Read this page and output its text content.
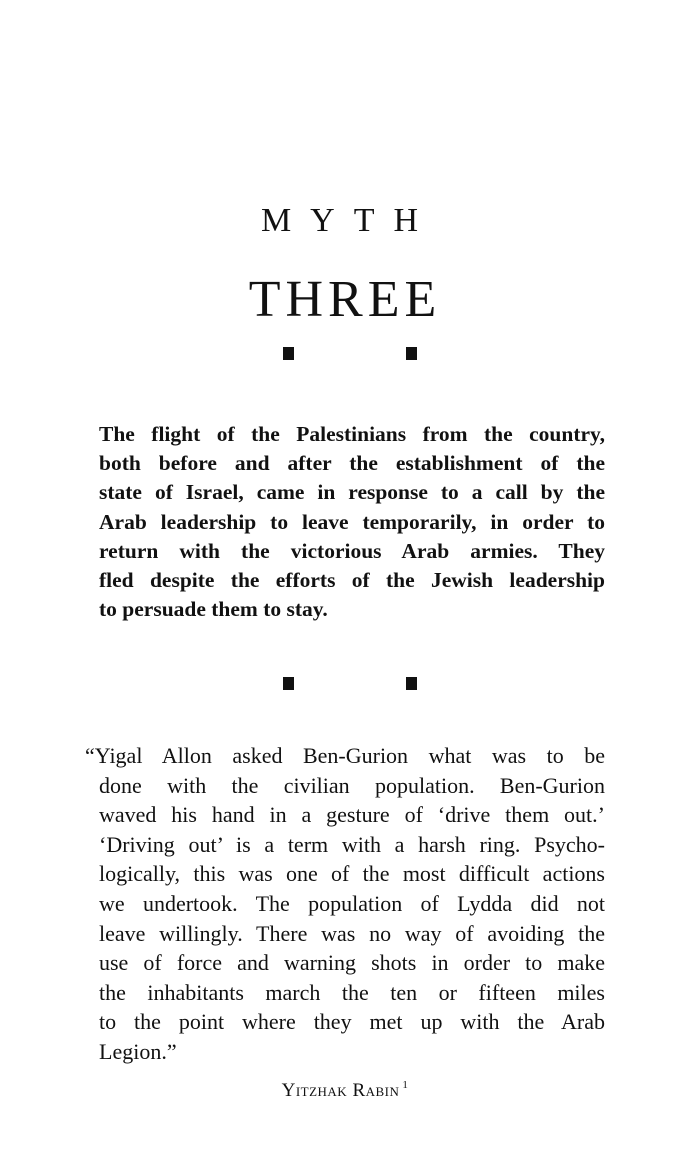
MYTH
THREE

The flight of the Palestinians from the country,
both before and after the establishment of the
state of Israel, came in response to a call by the
Arab leadership to leave temporarily, in order to
return with the victorious Arab armies. They
fled despite the efforts of the Jewish leadership
to persuade them to stay.

“Yigal Allon asked Ben-Gurion what was to be
done with the civilian population. Ben-Gurion
waved his hand in a gesture of ‘drive them out.’
‘Driving out’ is a term with a harsh ring. Psycho-
logically, this was one of the most difficult actions
we undertook. The population of Lydda did not
leave willingly. There was no way of avoiding the
use of force and warning shots in order to make
the inhabitants march the ten or fifteen miles
to the point where they met up with the Arab
Legion.”
Yitzhak Rabin $^1$
